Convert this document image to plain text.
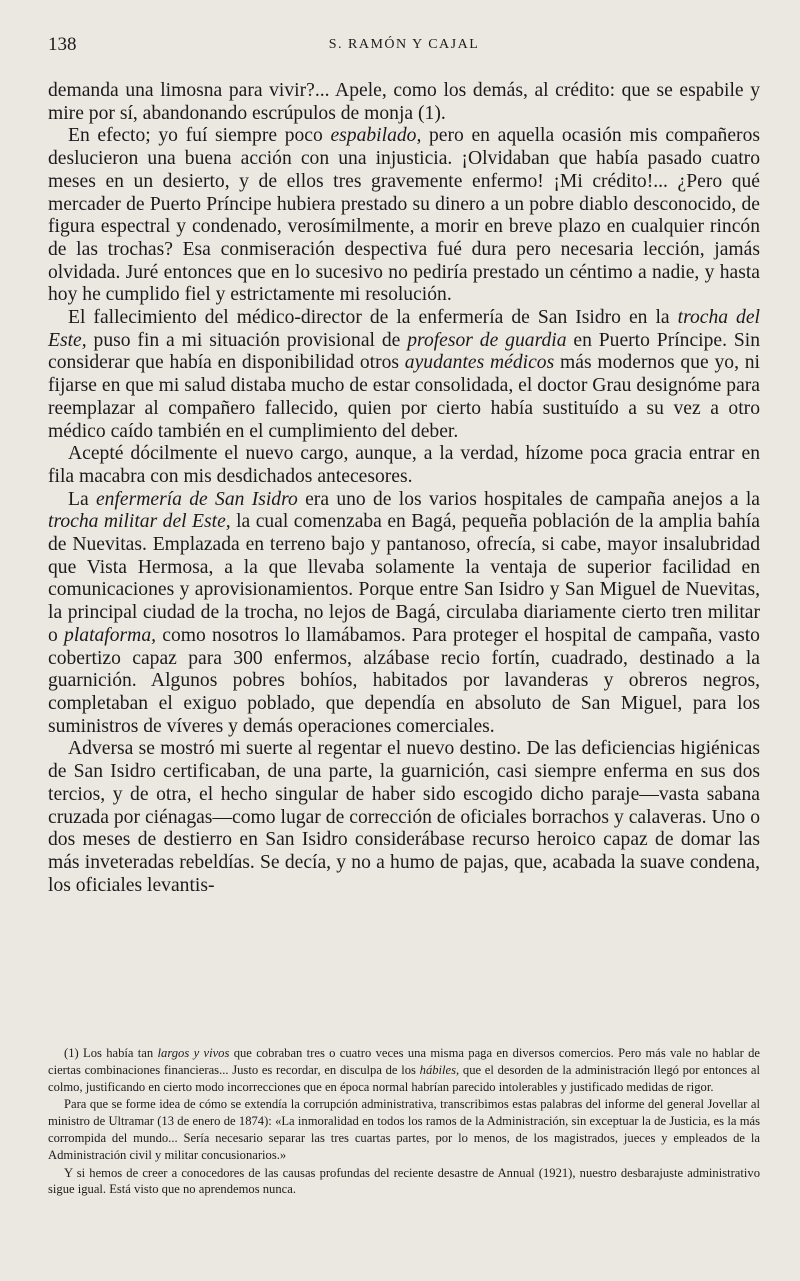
138	S. RAMÓN Y CAJAL

demanda una limosna para vivir?... Apele, como los demás, al crédito: que se espabile y mire por sí, abandonando escrúpulos de monja (1).

En efecto; yo fuí siempre poco espabilado, pero en aquella ocasión mis compañeros deslucieron una buena acción con una injusticia. ¡Olvidaban que había pasado cuatro meses en un desierto, y de ellos tres gravemente enfermo! ¡Mi crédito!... ¿Pero qué mercader de Puerto Príncipe hubiera prestado su dinero a un pobre diablo desconocido, de figura espectral y condenado, verosímilmente, a morir en breve plazo en cualquier rincón de las trochas? Esa conmiseración despectiva fué dura pero necesaria lección, jamás olvidada. Juré entonces que en lo sucesivo no pediría prestado un céntimo a nadie, y hasta hoy he cumplido fiel y estrictamente mi resolución.

El fallecimiento del médico-director de la enfermería de San Isidro en la trocha del Este, puso fin a mi situación provisional de profesor de guardia en Puerto Príncipe. Sin considerar que había en disponibilidad otros ayudantes médicos más modernos que yo, ni fijarse en que mi salud distaba mucho de estar consolidada, el doctor Grau designóme para reemplazar al compañero fallecido, quien por cierto había sustituído a su vez a otro médico caído también en el cumplimiento del deber.

Acepté dócilmente el nuevo cargo, aunque, a la verdad, hízome poca gracia entrar en fila macabra con mis desdichados antecesores.

La enfermería de San Isidro era uno de los varios hospitales de campaña anejos a la trocha militar del Este, la cual comenzaba en Bagá, pequeña población de la amplia bahía de Nuevitas. Emplazada en terreno bajo y pantanoso, ofrecía, si cabe, mayor insalubridad que Vista Hermosa, a la que llevaba solamente la ventaja de superior facilidad en comunicaciones y aprovisionamientos. Porque entre San Isidro y San Miguel de Nuevitas, la principal ciudad de la trocha, no lejos de Bagá, circulaba diariamente cierto tren militar o plataforma, como nosotros lo llamábamos. Para proteger el hospital de campaña, vasto cobertizo capaz para 300 enfermos, alzábase recio fortín, cuadrado, destinado a la guarnición. Algunos pobres bohíos, habitados por lavanderas y obreros negros, completaban el exiguo poblado, que dependía en absoluto de San Miguel, para los suministros de víveres y demás operaciones comerciales.

Adversa se mostró mi suerte al regentar el nuevo destino. De las deficiencias higiénicas de San Isidro certificaban, de una parte, la guarnición, casi siempre enferma en sus dos tercios, y de otra, el hecho singular de haber sido escogido dicho paraje—vasta sabana cruzada por ciénagas—como lugar de corrección de oficiales borrachos y calaveras. Uno o dos meses de destierro en San Isidro considerábase recurso heroico capaz de domar las más inveteradas rebeldías. Se decía, y no a humo de pajas, que, acabada la suave condena, los oficiales levantis-

(1) Los había tan largos y vivos que cobraban tres o cuatro veces una misma paga en diversos comercios. Pero más vale no hablar de ciertas combinaciones financieras... Justo es recordar, en disculpa de los hábiles, que el desorden de la administración llegó por entonces al colmo, justificando en cierto modo incorrecciones que en época normal habrían parecido intolerables y justificado medidas de rigor.

Para que se forme idea de cómo se extendía la corrupción administrativa, transcribimos estas palabras del informe del general Jovellar al ministro de Ultramar (13 de enero de 1874): «La inmoralidad en todos los ramos de la Administración, sin exceptuar la de Justicia, es la más corrompida del mundo... Sería necesario separar las tres cuartas partes, por lo menos, de los magistrados, jueces y empleados de la Administración civil y militar concusionarios.»

Y si hemos de creer a conocedores de las causas profundas del reciente desastre de Annual (1921), nuestro desbarajuste administrativo sigue igual. Está visto que no aprendemos nunca.
